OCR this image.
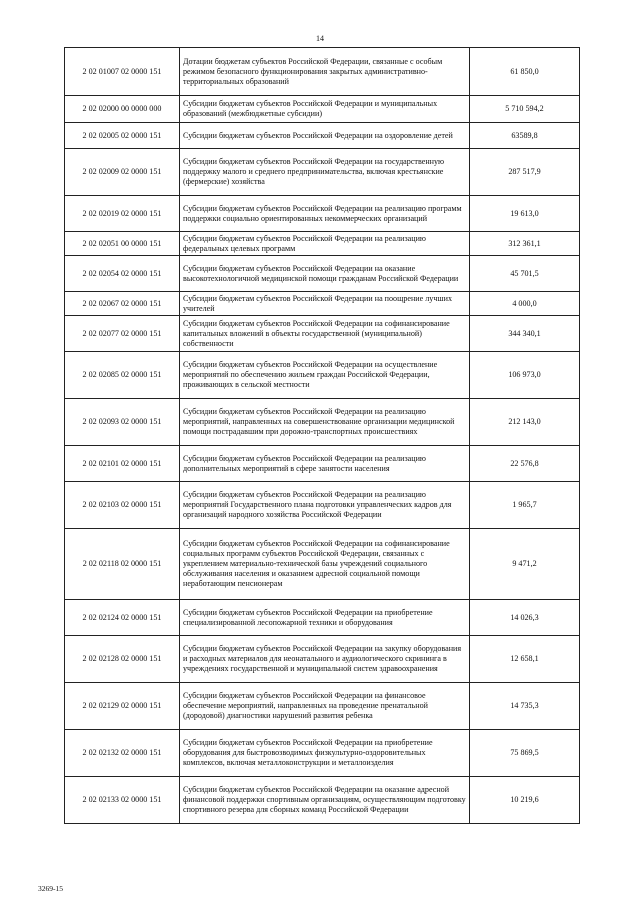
14
2 02 01007 02 0000 151	Дотации бюджетам субъектов Российской Федерации, связанные с особым режимом безопасного функционирования закрытых административно-территориальных образований	61 850,0
2 02 02000 00 0000 000	Субсидии бюджетам субъектов Российской Федерации и муниципальных образований (межбюджетные субсидии)	5 710 594,2
2 02 02005 02 0000 151	Субсидии бюджетам субъектов Российской Федерации на оздоровление детей	63589,8
2 02 02009 02 0000 151	Субсидии бюджетам субъектов Российской Федерации на государственную поддержку малого и среднего предпринимательства, включая крестьянские (фермерские) хозяйства	287 517,9
2 02 02019 02 0000 151	Субсидии бюджетам субъектов Российской Федерации на реализацию программ поддержки социально ориентированных некоммерческих организаций	19 613,0
2 02 02051 00 0000 151	Субсидии бюджетам субъектов Российской Федерации на реализацию федеральных целевых программ	312 361,1
2 02 02054 02 0000 151	Субсидии бюджетам субъектов Российской Федерации на оказание высокотехнологичной медицинской помощи гражданам Российской Федерации	45 701,5
2 02 02067 02 0000 151	Субсидии бюджетам субъектов Российской Федерации на поощрение лучших учителей	4 000,0
2 02 02077 02 0000 151	Субсидии бюджетам субъектов Российской Федерации на софинансирование капитальных вложений в объекты государственной (муниципальной) собственности	344 340,1
2 02 02085 02 0000 151	Субсидии бюджетам субъектов Российской Федерации на осуществление мероприятий по обеспечению жильем граждан Российской Федерации, проживающих в сельской местности	106 973,0
2 02 02093 02 0000 151	Субсидии бюджетам субъектов Российской Федерации на реализацию мероприятий, направленных на совершенствование организации медицинской помощи пострадавшим при дорожно-транспортных происшествиях	212 143,0
2 02 02101 02 0000 151	Субсидии бюджетам субъектов Российской Федерации на реализацию дополнительных мероприятий в сфере занятости населения	22 576,8
2 02 02103 02 0000 151	Субсидии бюджетам субъектов Российской Федерации на реализацию мероприятий Государственного плана подготовки управленческих кадров для организаций народного хозяйства Российской Федерации	1 965,7
2 02 02118 02 0000 151	Субсидии бюджетам субъектов Российской Федерации на софинансирование социальных программ субъектов Российской Федерации, связанных с укреплением материально-технической базы учреждений социального обслуживания населения и оказанием адресной социальной помощи неработающим пенсионерам	9 471,2
2 02 02124 02 0000 151	Субсидии бюджетам субъектов Российской Федерации на приобретение специализированной лесопожарной техники и оборудования	14 026,3
2 02 02128 02 0000 151	Субсидии бюджетам субъектов Российской Федерации на закупку оборудования и расходных материалов для неонатального и аудиологического скрининга в учреждениях государственной и муниципальной систем здравоохранения	12 658,1
2 02 02129 02 0000 151	Субсидии бюджетам субъектов Российской Федерации на финансовое обеспечение мероприятий, направленных на проведение пренатальной (дородовой) диагностики нарушений развития ребенка	14 735,3
2 02 02132 02 0000 151	Субсидии бюджетам субъектов Российской Федерации на приобретение оборудования для быстровозводимых физкультурно-оздоровительных комплексов, включая металлоконструкции и металлоизделия	75 869,5
2 02 02133 02 0000 151	Субсидии бюджетам субъектов Российской Федерации на оказание адресной финансовой поддержки спортивным организациям, осуществляющим подготовку спортивного резерва для сборных команд Российской Федерации	10 219,6
3269-15
